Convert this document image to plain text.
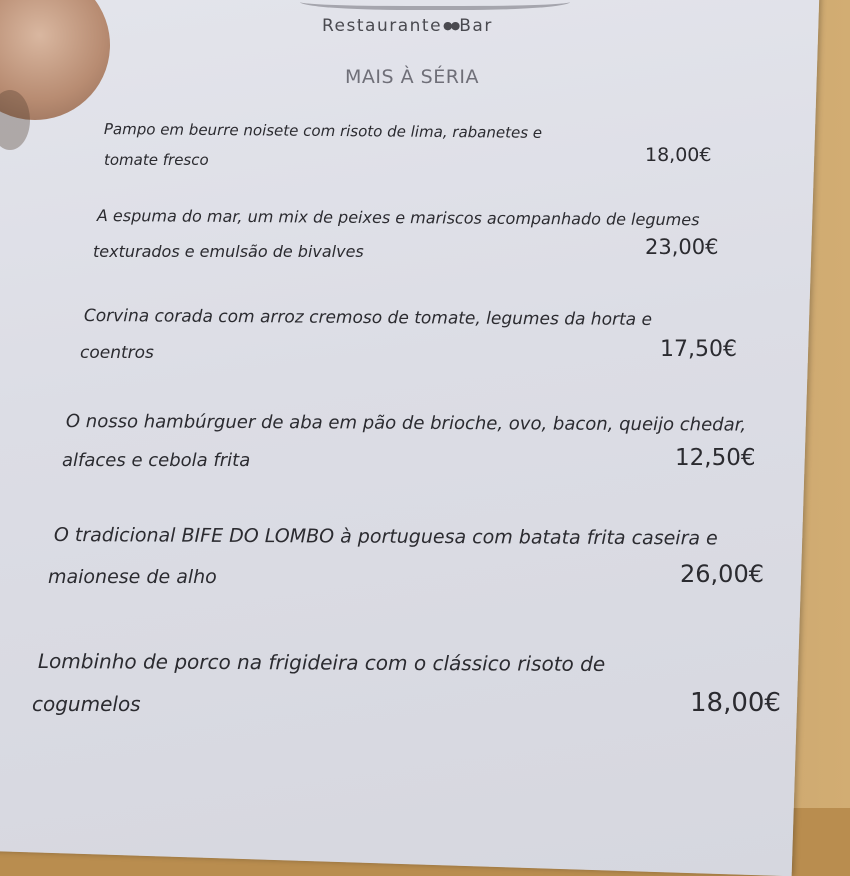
Restaurante●●Bar
MAIS À SÉRIA
Pampo em beurre noisete com risoto de lima, rabanetes e
tomate fresco	18,00€
A espuma do mar, um mix de peixes e mariscos acompanhado de legumes
texturados e emulsão de bivalves	23,00€
Corvina corada com arroz cremoso de tomate, legumes da horta e
coentros	17,50€
O nosso hambúrguer de aba em pão de brioche, ovo, bacon, queijo chedar,
alfaces e cebola frita	12,50€
O tradicional BIFE DO LOMBO à portuguesa com batata frita caseira e
maionese de alho	26,00€
Lombinho de porco na frigideira com o clássico risoto de
cogumelos	18,00€
